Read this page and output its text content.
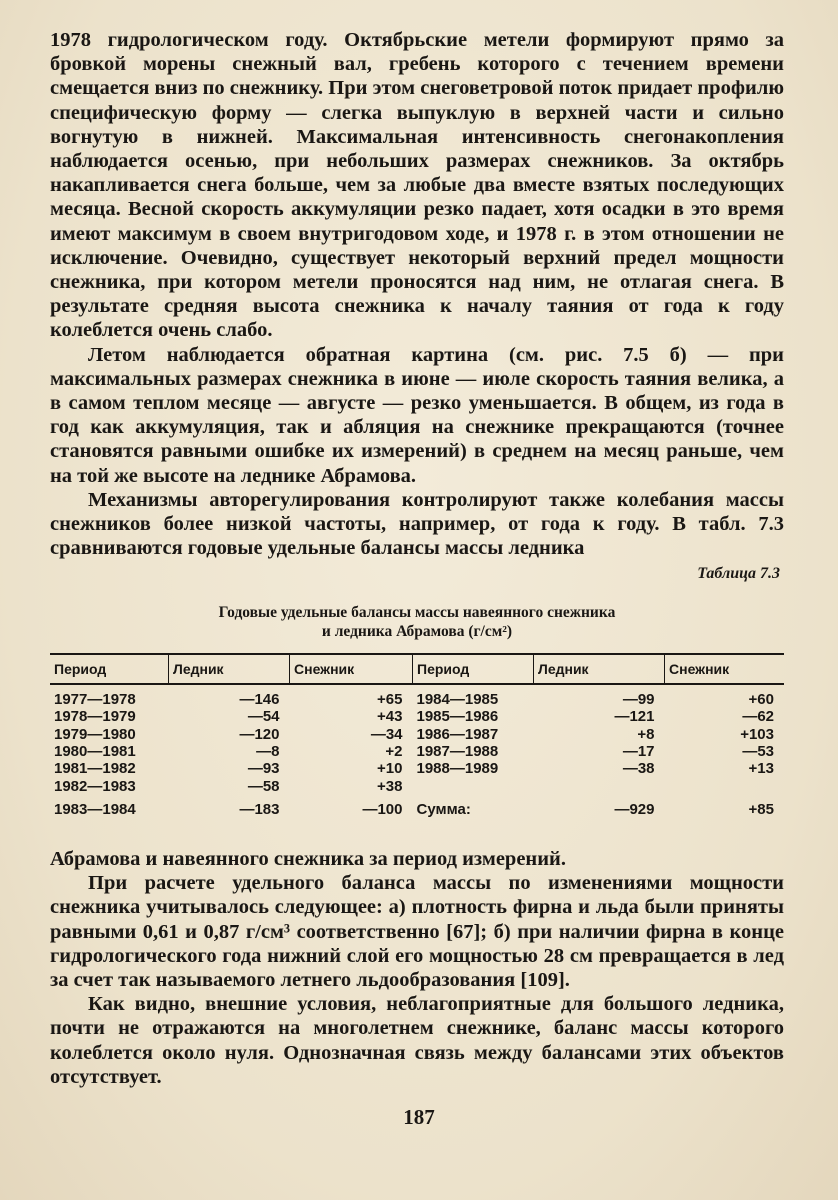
1978 гидрологическом году. Октябрьские метели формируют прямо за бровкой морены снежный вал, гребень которого с течением времени смещается вниз по снежнику. При этом снеговетровой поток придает профилю специфическую форму — слегка выпуклую в верхней части и сильно вогнутую в нижней. Максимальная интенсивность снегонакопления наблюдается осенью, при небольших размерах снежников. За октябрь накапливается снега больше, чем за любые два вместе взятых последующих месяца. Весной скорость аккумуляции резко падает, хотя осадки в это время имеют максимум в своем внутригодовом ходе, и 1978 г. в этом отношении не исключение. Очевидно, существует некоторый верхний предел мощности снежника, при котором метели проносятся над ним, не отлагая снега. В результате средняя высота снежника к началу таяния от года к году колеблется очень слабо.

Летом наблюдается обратная картина (см. рис. 7.5 б) — при максимальных размерах снежника в июне — июле скорость таяния велика, а в самом теплом месяце — августе — резко уменьшается. В общем, из года в год как аккумуляция, так и абляция на снежнике прекращаются (точнее становятся равными ошибке их измерений) в среднем на месяц раньше, чем на той же высоте на леднике Абрамова.

Механизмы авторегулирования контролируют также колебания массы снежников более низкой частоты, например, от года к году. В табл. 7.3 сравниваются годовые удельные балансы массы ледника

Таблица 7.3
Годовые удельные балансы массы навеянного снежника
и ледника Абрамова (г/см²)
Период	Ледник	Снежник	Период	Ледник	Снежник
1977—1978	—146	+65	1984—1985	—99	+60
1978—1979	—54	+43	1985—1986	—121	—62
1979—1980	—120	—34	1986—1987	+8	+103
1980—1981	—8	+2	1987—1988	—17	—53
1981—1982	—93	+10	1988—1989	—38	+13
1982—1983	—58	+38			
1983—1984	—183	—100	Сумма:	—929	+85

Абрамова и навеянного снежника за период измерений.

При расчете удельного баланса массы по изменениями мощности снежника учитывалось следующее: а) плотность фирна и льда были приняты равными 0,61 и 0,87 г/см³ соответственно [67]; б) при наличии фирна в конце гидрологического года нижний слой его мощностью 28 см превращается в лед за счет так называемого летнего льдообразования [109].

Как видно, внешние условия, неблагоприятные для большого ледника, почти не отражаются на многолетнем снежнике, баланс массы которого колеблется около нуля. Однозначная связь между балансами этих объектов отсутствует.

187
